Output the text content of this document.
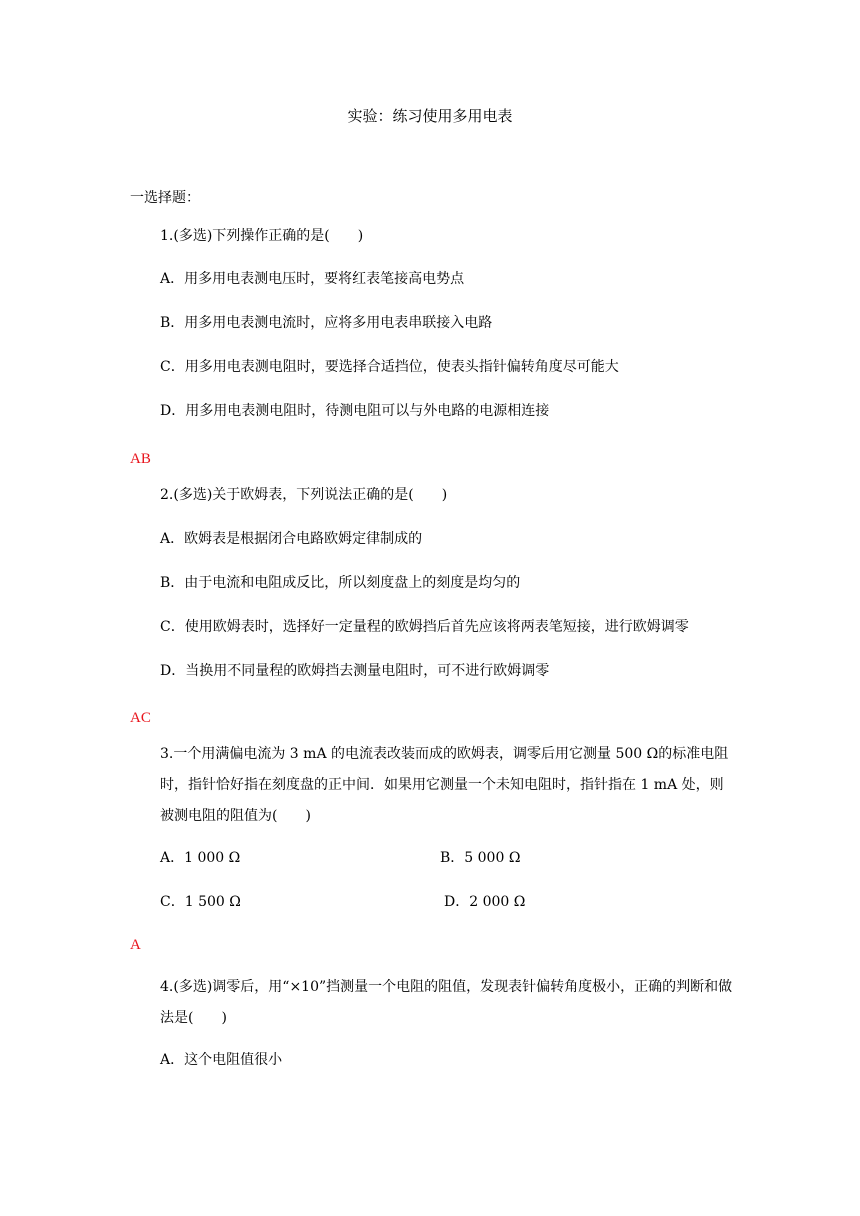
实验：练习使用多用电表
一选择题：
1.(多选)下列操作正确的是(　　)
A．用多用电表测电压时，要将红表笔接高电势点
B．用多用电表测电流时，应将多用电表串联接入电路
C．用多用电表测电阻时，要选择合适挡位，使表头指针偏转角度尽可能大
D．用多用电表测电阻时，待测电阻可以与外电路的电源相连接
AB
2.(多选)关于欧姆表，下列说法正确的是(　　)
A．欧姆表是根据闭合电路欧姆定律制成的
B．由于电流和电阻成反比，所以刻度盘上的刻度是均匀的
C．使用欧姆表时，选择好一定量程的欧姆挡后首先应该将两表笔短接，进行欧姆调零
D．当换用不同量程的欧姆挡去测量电阻时，可不进行欧姆调零
AC
3.一个用满偏电流为 3 mA 的电流表改装而成的欧姆表，调零后用它测量 500 Ω的标准电阻时，指针恰好指在刻度盘的正中间．如果用它测量一个未知电阻时，指针指在 1 mA 处，则被测电阻的阻值为(　　)
A．1 000 Ω	B．5 000 Ω
C．1 500 Ω	D．2 000 Ω
A
4.(多选)调零后，用“×10”挡测量一个电阻的阻值，发现表针偏转角度极小，正确的判断和做法是(　　)
A．这个电阻值很小
